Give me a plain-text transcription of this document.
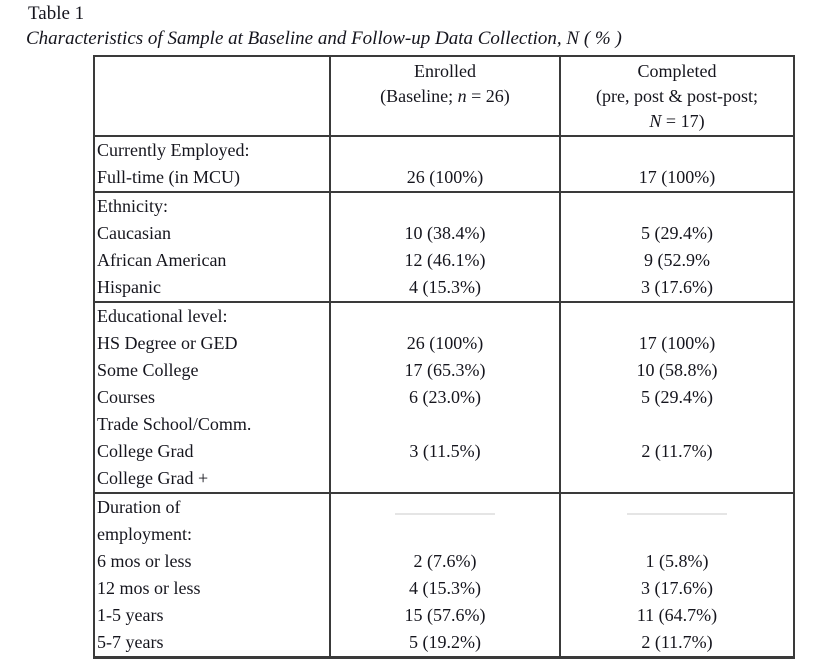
Table 1
Characteristics of Sample at Baseline and Follow-up Data Collection, N ( % )

Enrolled
(Baseline; n = 26)

Completed
(pre, post & post-post;
N = 17)

Currently Employed:		
Full-time (in MCU)	26 (100%)	17 (100%)
Ethnicity:		
Caucasian	10 (38.4%)	5 (29.4%)
African American	12 (46.1%)	9 (52.9%
Hispanic	4 (15.3%)	3 (17.6%)
Educational level:		
HS Degree or GED	26 (100%)	17 (100%)
Some College	17 (65.3%)	10 (58.8%)
Courses	6 (23.0%)	5 (29.4%)
Trade School/Comm.		
College Grad	3 (11.5%)	2 (11.7%)
College Grad +		
Duration of	

employment:		
6 mos or less	2 (7.6%)	1 (5.8%)
12 mos or less	4 (15.3%)	3 (17.6%)
1-5 years	15 (57.6%)	11 (64.7%)
5-7 years	5 (19.2%)	2 (11.7%)
